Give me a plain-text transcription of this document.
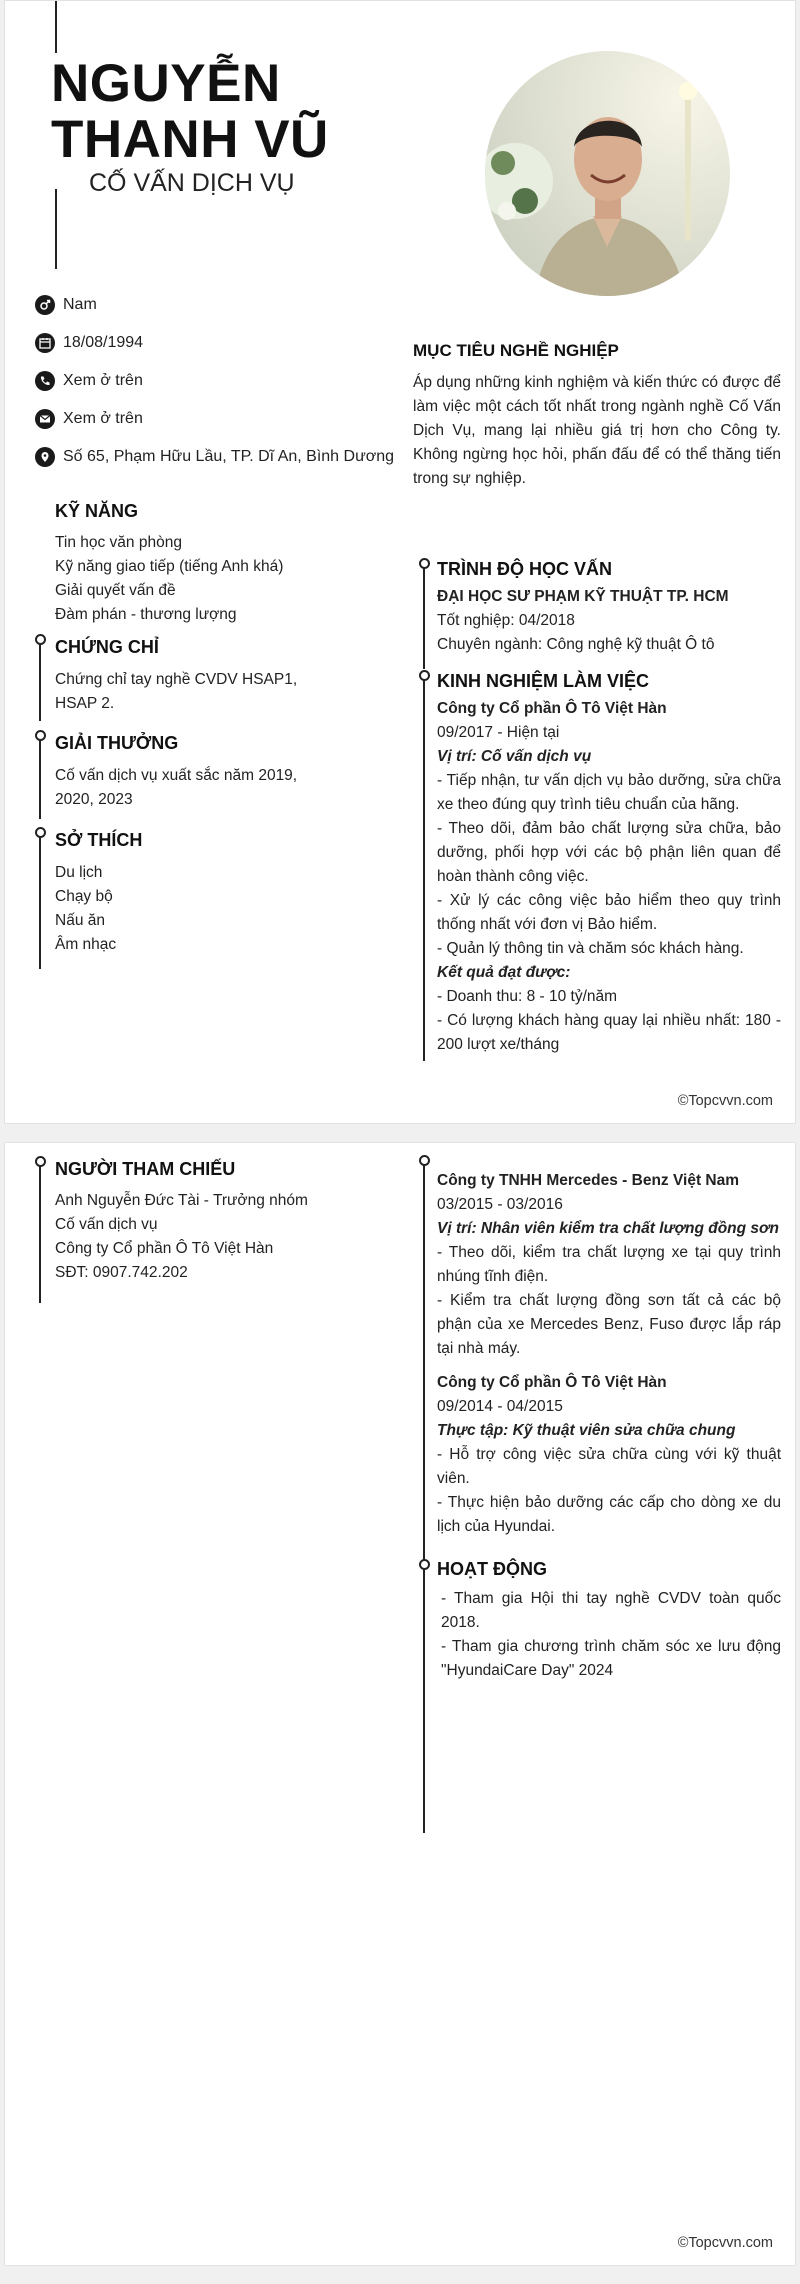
NGUYỄN
THANH VŨ
CỐ VẤN DỊCH VỤ
Nam
18/08/1994
Xem ở trên
Xem ở trên
Số 65, Phạm Hữu Lầu, TP. Dĩ An, Bình Dương
KỸ NĂNG
Tin học văn phòng
Kỹ năng giao tiếp (tiếng Anh khá)
Giải quyết vấn đề
Đàm phán - thương lượng
CHỨNG CHỈ
Chứng chỉ tay nghề CVDV HSAP1,
HSAP 2.
GIẢI THƯỞNG
Cố vấn dịch vụ xuất sắc năm 2019,
2020, 2023
SỞ THÍCH
Du lịch
Chạy bộ
Nấu ăn
Âm nhạc
MỤC TIÊU NGHỀ NGHIỆP
Áp dụng những kinh nghiệm và kiến thức có được để làm việc một cách tốt nhất trong ngành nghề Cố Vấn Dịch Vụ, mang lại nhiều giá trị hơn cho Công ty. Không ngừng học hỏi, phấn đấu để có thể thăng tiến trong sự nghiệp.
TRÌNH ĐỘ HỌC VẤN
ĐẠI HỌC SƯ PHẠM KỸ THUẬT TP. HCM
Tốt nghiệp: 04/2018
Chuyên ngành: Công nghệ kỹ thuật Ô tô
KINH NGHIỆM LÀM VIỆC
Công ty Cổ phần Ô Tô Việt Hàn
09/2017 - Hiện tại
Vị trí: Cố vấn dịch vụ

- Tiếp nhận, tư vấn dịch vụ bảo dưỡng, sửa chữa xe theo đúng quy trình tiêu chuẩn của hãng.

- Theo dõi, đảm bảo chất lượng sửa chữa, bảo dưỡng, phối hợp với các bộ phận liên quan để hoàn thành công việc.

- Xử lý các công việc bảo hiểm theo quy trình thống nhất với đơn vị Bảo hiểm.

- Quản lý thông tin và chăm sóc khách hàng.

Kết quả đạt được:

- Doanh thu: 8 - 10 tỷ/năm

- Có lượng khách hàng quay lại nhiều nhất: 180 - 200 lượt xe/tháng

©Topcvvn.com
NGƯỜI THAM CHIẾU
Anh Nguyễn Đức Tài - Trưởng nhóm
Cố vấn dịch vụ
Công ty Cổ phần Ô Tô Việt Hàn
SĐT: 0907.742.202
Công ty TNHH Mercedes - Benz Việt Nam
03/2015 - 03/2016
Vị trí: Nhân viên kiểm tra chất lượng đồng sơn

- Theo dõi, kiểm tra chất lượng xe tại quy trình nhúng tĩnh điện.

- Kiểm tra chất lượng đồng sơn tất cả các bộ phận của xe Mercedes Benz, Fuso được lắp ráp tại nhà máy.

Công ty Cổ phần Ô Tô Việt Hàn
09/2014 - 04/2015
Thực tập: Kỹ thuật viên sửa chữa chung

- Hỗ trợ công việc sửa chữa cùng với kỹ thuật viên.

- Thực hiện bảo dưỡng các cấp cho dòng xe du lịch của Hyundai.

HOẠT ĐỘNG

- Tham gia Hội thi tay nghề CVDV toàn quốc 2018.

- Tham gia chương trình chăm sóc xe lưu động "HyundaiCare Day" 2024

©Topcvvn.com
